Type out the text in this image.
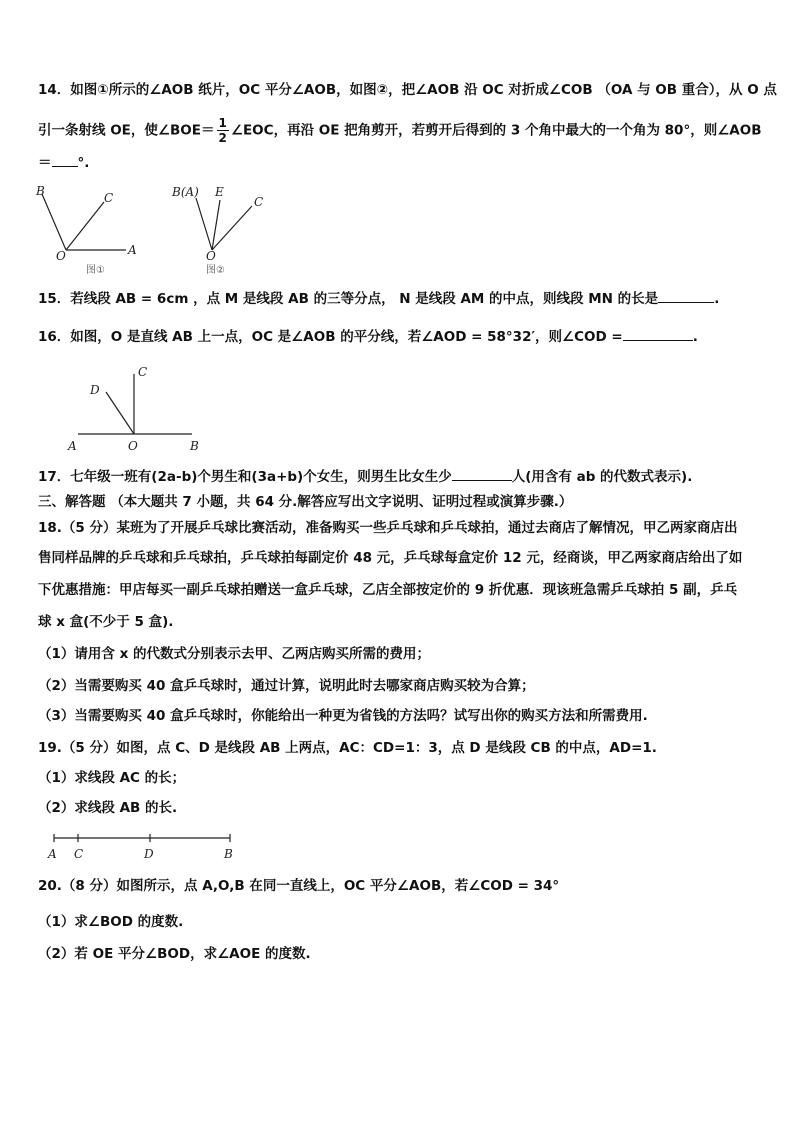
14．如图①所示的∠AOB 纸片，OC 平分∠AOB，如图②，把∠AOB 沿 OC 对折成∠COB （OA 与 OB 重合），从 O 点
引一条射线 OE，使∠BOE＝ $\frac{1}{2}$ ∠EOC，再沿 OE 把角剪开，若剪开后得到的 3 个角中最大的一个角为 80°，则∠AOB
＝ °.
B	C
O	A
图①
B(A) E
C
O
图②
15．若线段 AB = 6cm ，点 M 是线段 AB 的三等分点， N 是线段 AM 的中点，则线段 MN 的长是	.
16．如图，O 是直线 AB 上一点，OC 是∠AOB 的平分线，若∠AOD = 58°32′，则∠COD =	.
C
D
A	O	B
17．七年级一班有(2a-b)个男生和(3a+b)个女生，则男生比女生少	人(用含有 ab 的代数式表示).
三、解答题 （本大题共 7 小题，共 64 分.解答应写出文字说明、证明过程或演算步骤.）
18.（5 分）某班为了开展乒乓球比赛活动，准备购买一些乒乓球和乒乓球拍，通过去商店了解情况，甲乙两家商店出
售同样品牌的乒乓球和乒乓球拍，乒乓球拍每副定价 48 元，乒乓球每盒定价 12 元，经商谈，甲乙两家商店给出了如
下优惠措施：甲店每买一副乒乓球拍赠送一盒乒乓球，乙店全部按定价的 9 折优惠．现该班急需乒乓球拍 5 副，乒乓
球 x 盒(不少于 5 盒).
（1）请用含 x 的代数式分别表示去甲、乙两店购买所需的费用；
（2）当需要购买 40 盒乒乓球时，通过计算，说明此时去哪家商店购买较为合算；
（3）当需要购买 40 盒乒乓球时，你能给出一种更为省钱的方法吗？试写出你的购买方法和所需费用.
19.（5 分）如图，点 C、D 是线段 AB 上两点，AC：CD=1：3，点 D 是线段 CB 的中点，AD=1.
（1）求线段 AC 的长；
（2）求线段 AB 的长.
A C	D	B
20.（8 分）如图所示，点 A,O,B 在同一直线上，OC 平分∠AOB，若∠COD = 34°
（1）求∠BOD 的度数.
（2）若 OE 平分∠BOD，求∠AOE 的度数.
